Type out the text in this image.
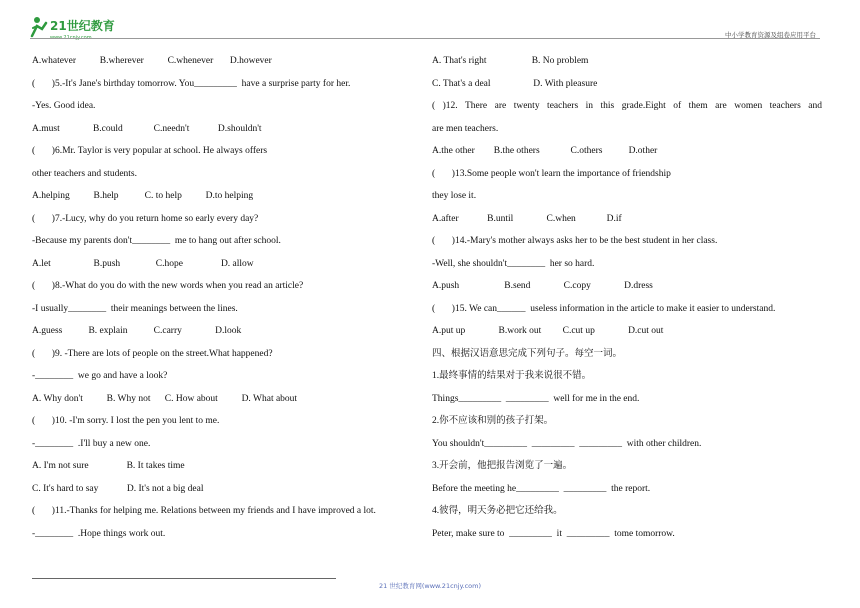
21世纪教育
www.21cnjy.com	中小学教育资源及组卷应用平台
A.whatever          B.wherever          C.whenever       D.however
(       )5.-It's Jane's birthday tomorrow. You_________  have a surprise party for her.
-Yes. Good idea.
A.must              B.could             C.needn't            D.shouldn't
(       )6.Mr. Taylor is very popular at school. He always offers
other teachers and students.
A.helping          B.help           C. to help          D.to helping
(       )7.-Lucy, why do you return home so early every day?
-Because my parents don't________  me to hang out after school.
A.let                  B.push               C.hope                D. allow
(       )8.-What do you do with the new words when you read an article?
-I usually________  their meanings between the lines.
A.guess           B. explain           C.carry              D.look
(       )9. -There are lots of people on the street.What happened?
-________  we go and have a look?
A. Why don't          B. Why not      C. How about          D. What about
(       )10. -I'm sorry. I lost the pen you lent to me.
-________  .I'll buy a new one.
A. I'm not sure                B. It takes time
C. It's hard to say            D. It's not a big deal
(       )11.-Thanks for helping me. Relations between my friends and I have improved a lot.
-________  .Hope things work out.
A. That's right                   B. No problem
C. That's a deal                  D. With pleasure
( )12. There are twenty teachers in this grade.Eight of them are women teachers and
are men teachers.
A.the other        B.the others             C.others           D.other
(       )13.Some people won't learn the importance of friendship
they lose it.
A.after            B.until              C.when             D.if
(       )14.-Mary's mother always asks her to be the best student in her class.
-Well, she shouldn't________  her so hard.
A.push                   B.send              C.copy              D.dress
(       )15. We can______  useless information in the article to make it easier to understand.
A.put up              B.work out         C.cut up              D.cut out
四、根据汉语意思完成下列句子。每空一词。
1.最终事情的结果对于我来说很不错。
Things_________  _________  well for me in the end.
2.你不应该和别的孩子打架。
You shouldn't_________  _________  _________  with other children.
3.开会前，他把报告浏览了一遍。
Before the meeting he_________  _________  the report.
4.彼得，明天务必把它还给我。
Peter, make sure to  _________  it  _________  tome tomorrow.
21 世纪教育网(www.21cnjy.com)
